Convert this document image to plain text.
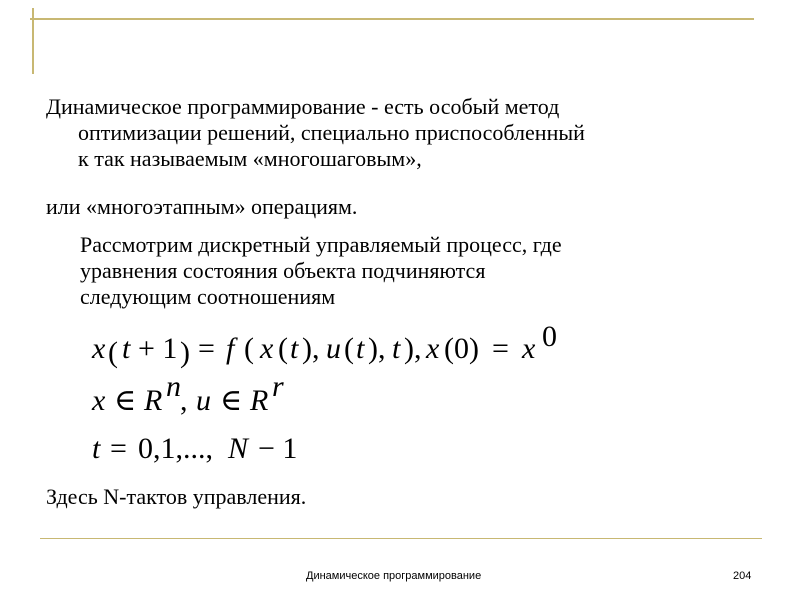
Динамическое программирование - есть особый метод
оптимизации решений, специально приспособленный
к так называемым «многошаговым»,
или «многоэтапным» операциям.
Рассмотрим дискретный управляемый процесс, где
уравнения состояния объекта подчиняются
следующим соотношениям
x ( t + 1 ) = f ( x ( t ), u ( t ), t ), x (0) = x 0
x ∈ R n , u ∈ R r
t = 0,1,..., N − 1
Здесь N-тактов управления.
Динамическое программирование	204
